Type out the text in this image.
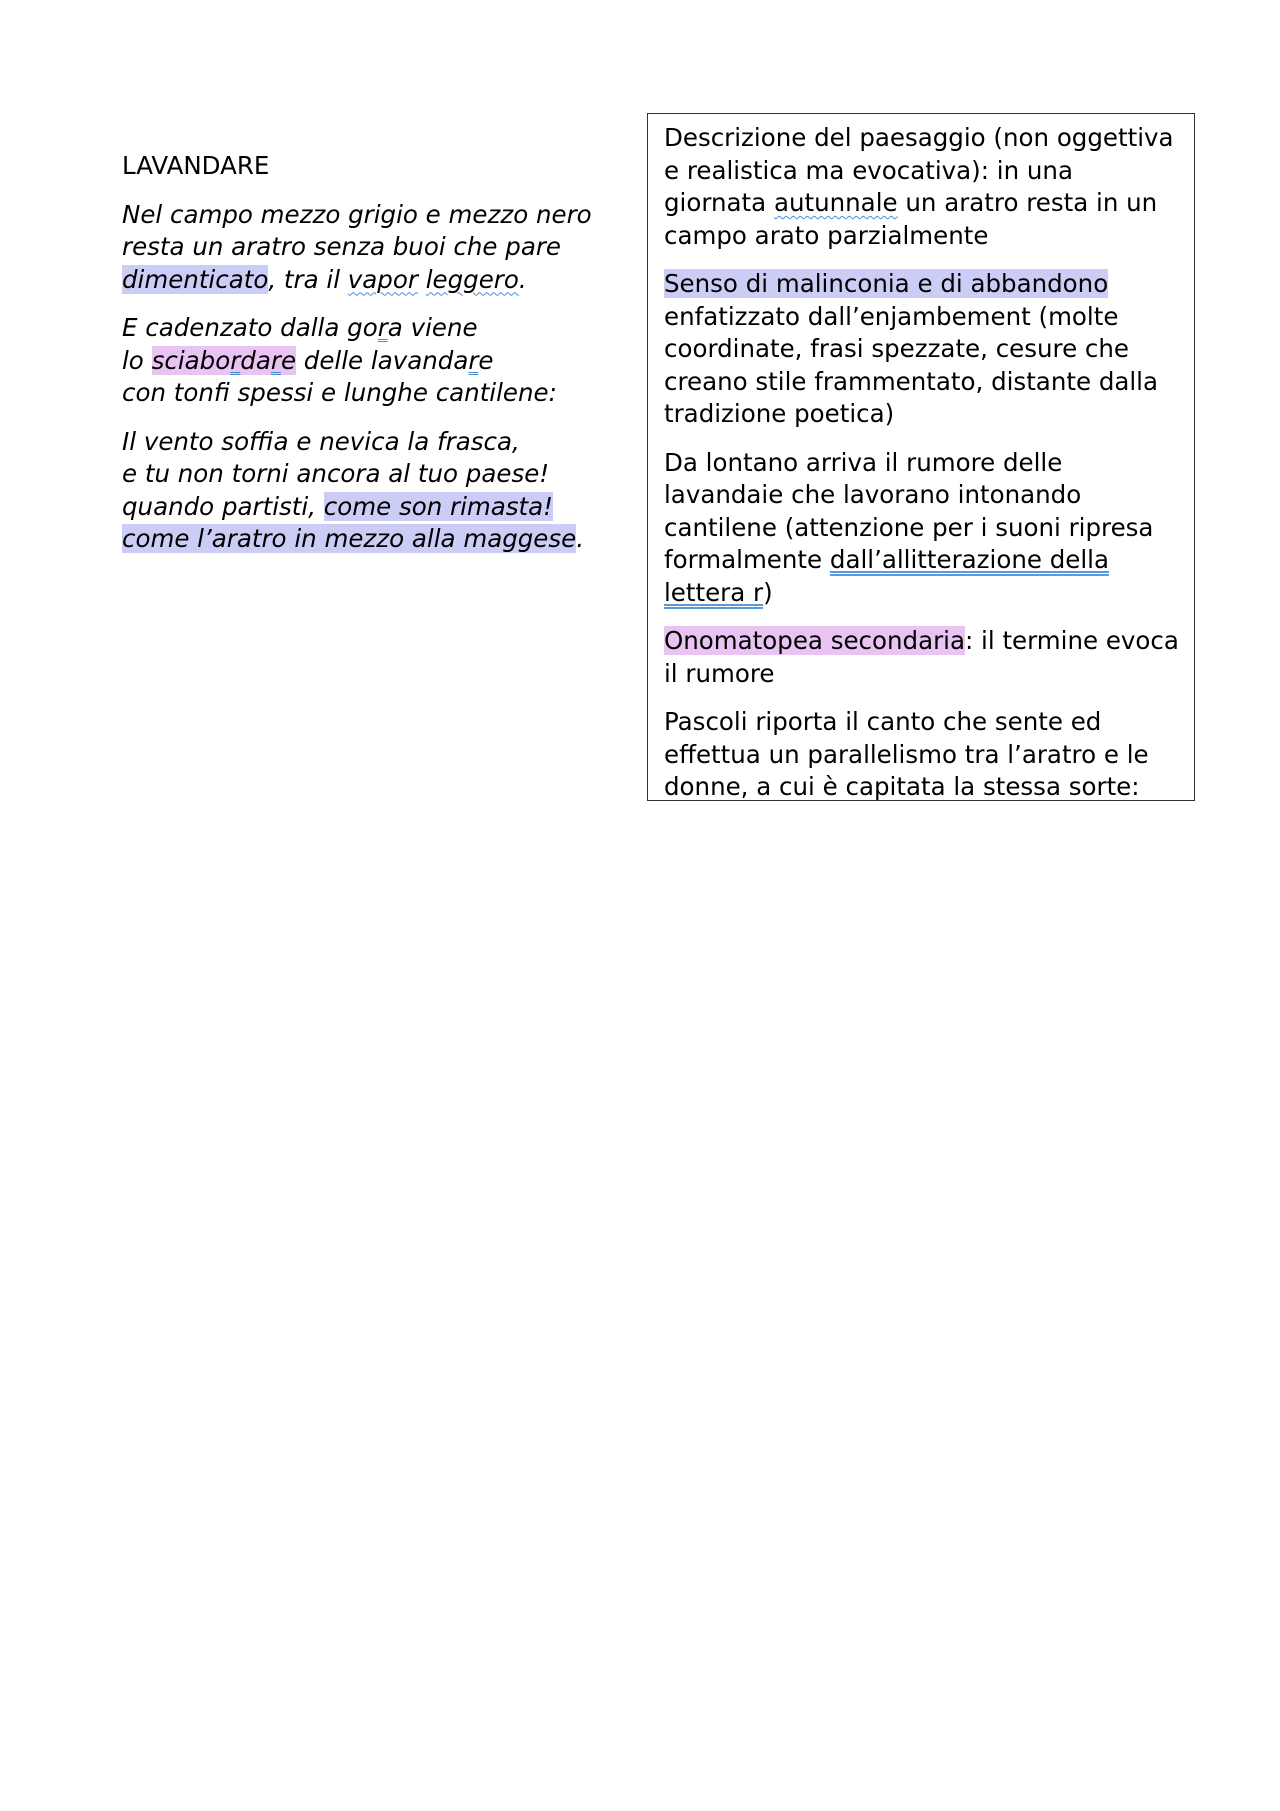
LAVANDARE
Nel campo mezzo grigio e mezzo nero
resta un aratro senza buoi che pare
dimenticato, tra il vapor leggero.
E cadenzato dalla gora viene
lo sciabordare delle lavandare
con tonfi spessi e lunghe cantilene:
Il vento soffia e nevica la frasca,
e tu non torni ancora al tuo paese!
quando partisti, come son rimasta!
come l’aratro in mezzo alla maggese.

Descrizione del paesaggio (non oggettiva e realistica ma evocativa): in una giornata autunnale un aratro resta in un campo arato parzialmente

Senso di malinconia e di abbandono enfatizzato dall’enjambement (molte coordinate, frasi spezzate, cesure che creano stile frammentato, distante dalla tradizione poetica)

Da lontano arriva il rumore delle lavandaie che lavorano intonando cantilene (attenzione per i suoni ripresa formalmente dall’allitterazione della lettera r)

Onomatopea secondaria: il termine evoca il rumore

Pascoli riporta il canto che sente ed effettua un parallelismo tra l’aratro e le donne, a cui è capitata la stessa sorte:
